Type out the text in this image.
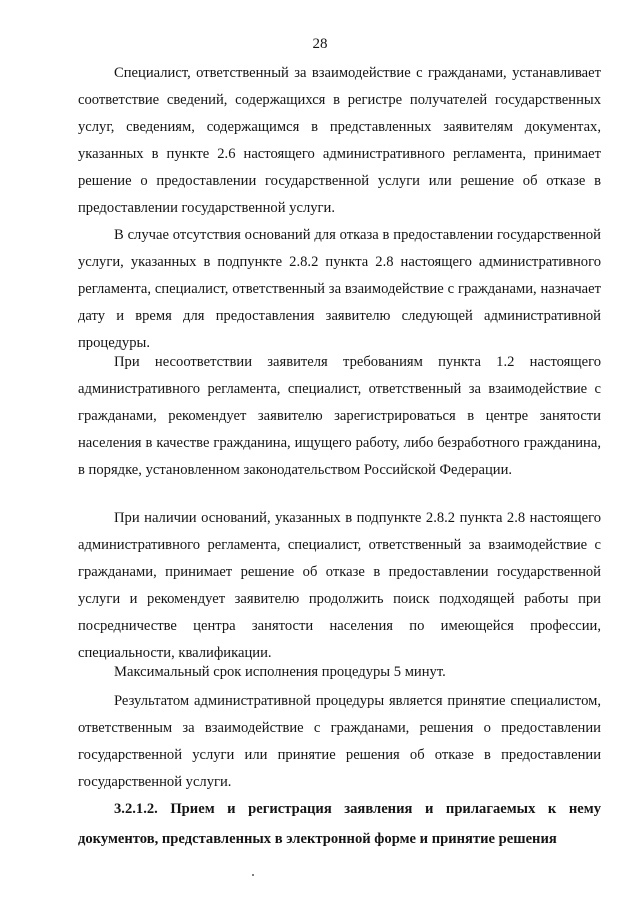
28

Специалист, ответственный за взаимодействие с гражданами, устанавливает соответствие сведений, содержащихся в регистре получателей государственных услуг, сведениям, содержащимся в представленных заявителям документах, указанных в пункте 2.6 настоящего административного регламента, принимает решение о предоставлении государственной услуги или решение об отказе в предоставлении государственной услуги.

В случае отсутствия оснований для отказа в предоставлении государственной услуги, указанных в подпункте 2.8.2 пункта 2.8 настоящего административного регламента, специалист, ответственный за взаимодействие с гражданами, назначает дату и время для предоставления заявителю следующей административной процедуры.

При несоответствии заявителя требованиям пункта 1.2 настоящего административного регламента, специалист, ответственный за взаимодействие с гражданами, рекомендует заявителю зарегистрироваться в центре занятости населения в качестве гражданина, ищущего работу, либо безработного гражданина, в порядке, установленном законодательством Российской Федерации.

При наличии оснований, указанных в подпункте 2.8.2 пункта 2.8 настоящего административного регламента, специалист, ответственный за взаимодействие с гражданами, принимает решение об отказе в предоставлении государственной услуги и рекомендует заявителю продолжить поиск подходящей работы при посредничестве центра занятости населения по имеющейся профессии, специальности, квалификации.

Максимальный срок исполнения процедуры 5 минут.

Результатом административной процедуры является принятие специалистом, ответственным за взаимодействие с гражданами, решения о предоставлении государственной услуги или принятие решения об отказе в предоставлении государственной услуги.

3.2.1.2. Прием и регистрация заявления и прилагаемых к нему документов, представленных в электронной форме и принятие решения
